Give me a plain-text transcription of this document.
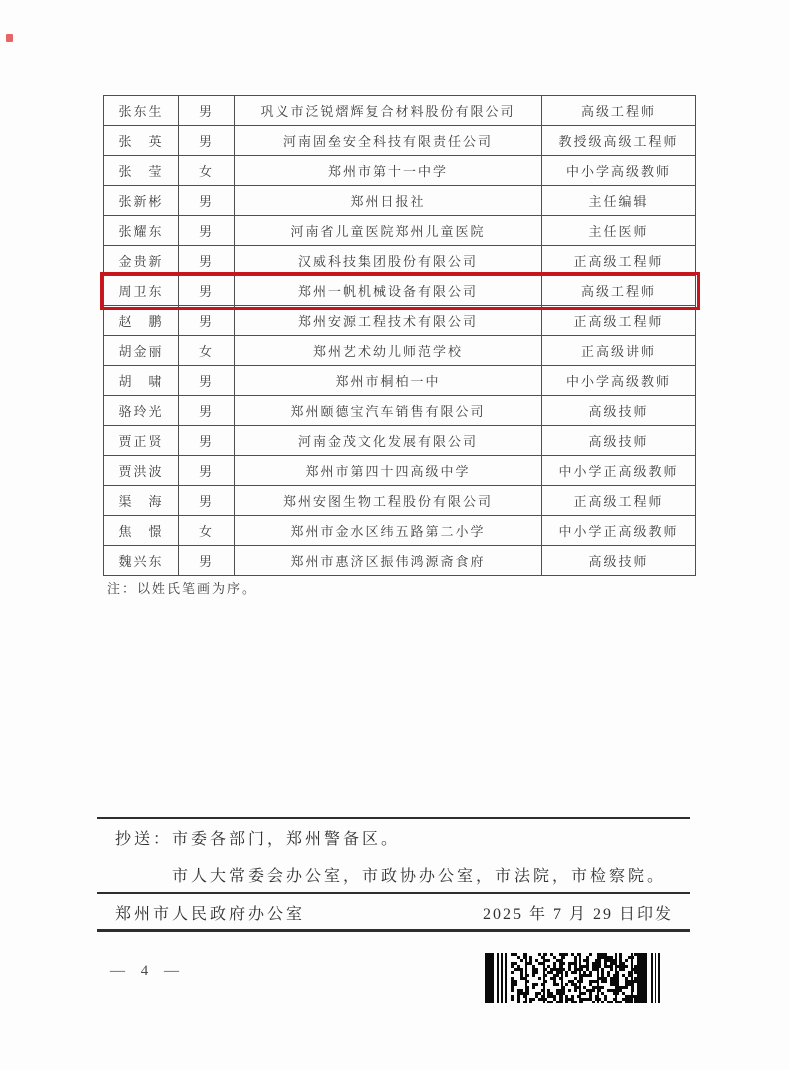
张东生	男	巩义市泛锐熠辉复合材料股份有限公司	高级工程师
张　英	男	河南固垒安全科技有限责任公司	教授级高级工程师
张　莹	女	郑州市第十一中学	中小学高级教师
张新彬	男	郑州日报社	主任编辑
张耀东	男	河南省儿童医院郑州儿童医院	主任医师
金贵新	男	汉威科技集团股份有限公司	正高级工程师
周卫东	男	郑州一帆机械设备有限公司	高级工程师
赵　鹏	男	郑州安源工程技术有限公司	正高级工程师
胡金丽	女	郑州艺术幼儿师范学校	正高级讲师
胡　啸	男	郑州市桐柏一中	中小学高级教师
骆玲光	男	郑州颐德宝汽车销售有限公司	高级技师
贾正贤	男	河南金茂文化发展有限公司	高级技师
贾洪波	男	郑州市第四十四高级中学	中小学正高级教师
渠　海	男	郑州安图生物工程股份有限公司	正高级工程师
焦　憬	女	郑州市金水区纬五路第二小学	中小学正高级教师
魏兴东	男	郑州市惠济区振伟鸿源斋食府	高级技师
注：以姓氏笔画为序。
抄送：市委各部门，郑州警备区。
市人大常委会办公室，市政协办公室，市法院，市检察院。
郑州市人民政府办公室	2025 年 7 月 29 日印发
— 4 —
